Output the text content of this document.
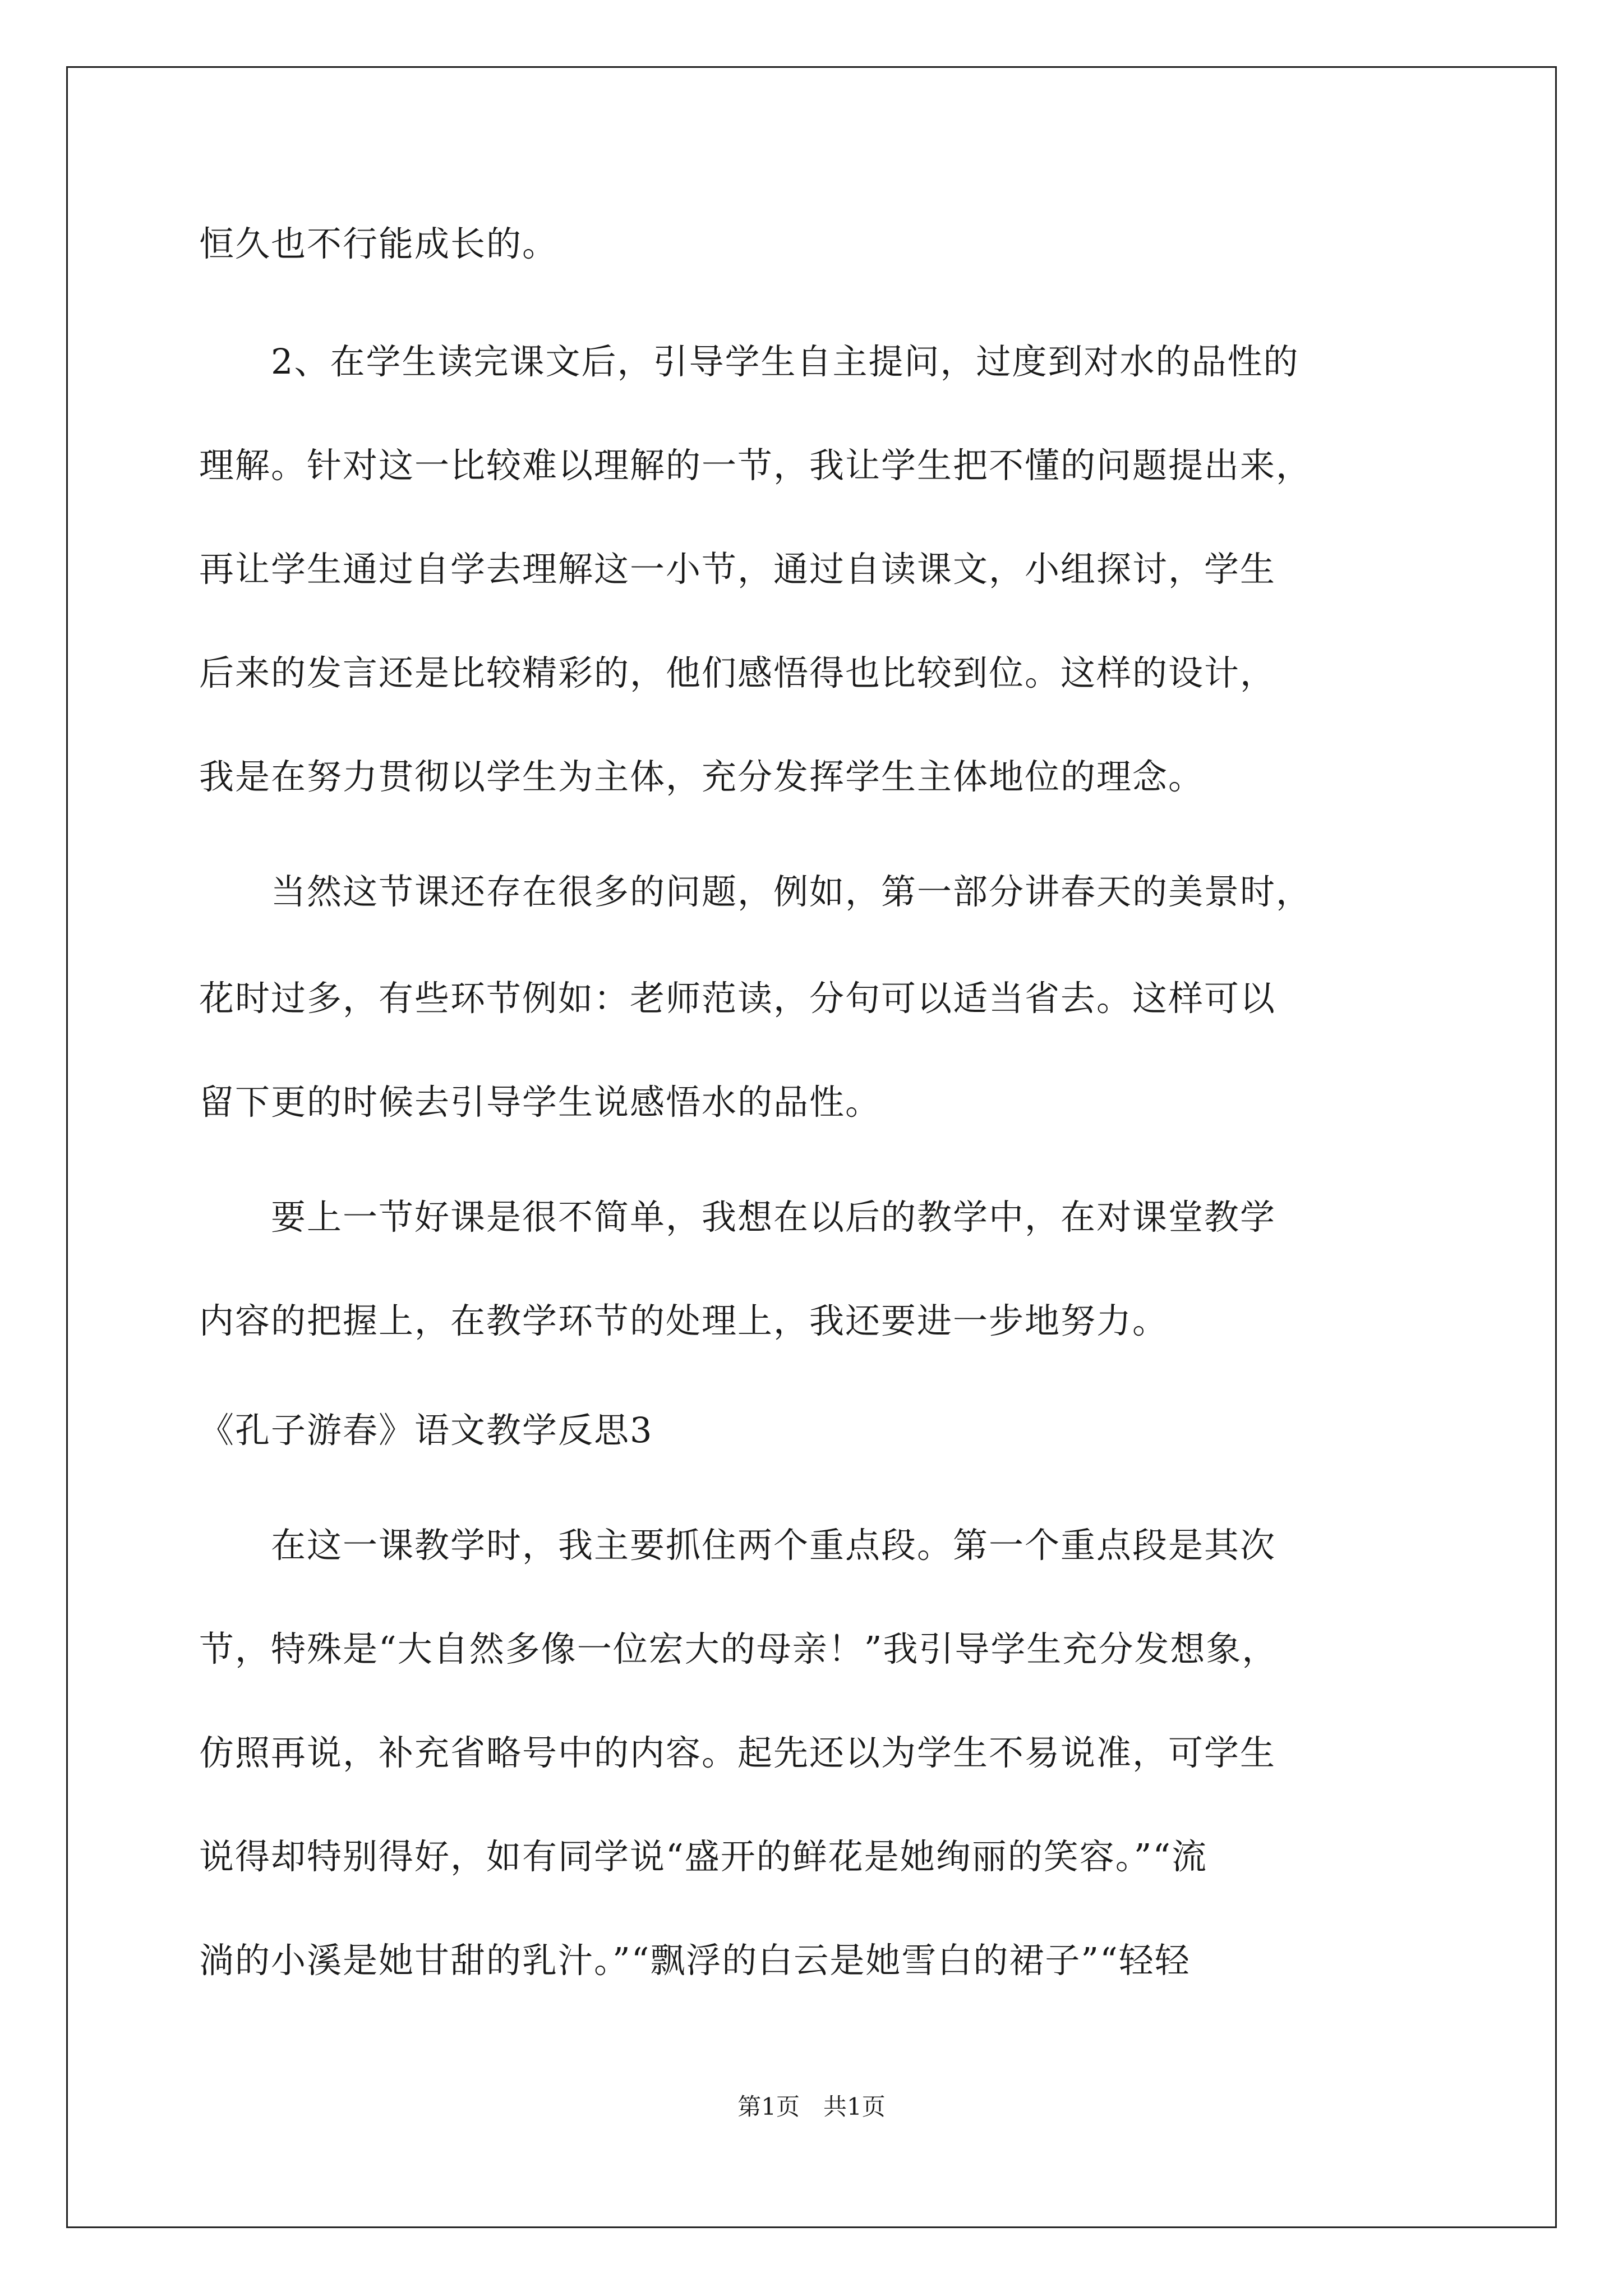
恒久也不行能成长的。
　　2、在学生读完课文后，引导学生自主提问，过度到对水的品性的
理解。针对这一比较难以理解的一节，我让学生把不懂的问题提出来，
再让学生通过自学去理解这一小节，通过自读课文，小组探讨，学生
后来的发言还是比较精彩的，他们感悟得也比较到位。这样的设计，
我是在努力贯彻以学生为主体，充分发挥学生主体地位的理念。
　　当然这节课还存在很多的问题，例如，第一部分讲春天的美景时，
花时过多，有些环节例如：老师范读，分句可以适当省去。这样可以
留下更的时候去引导学生说感悟水的品性。
　　要上一节好课是很不简单，我想在以后的教学中，在对课堂教学
内容的把握上，在教学环节的处理上，我还要进一步地努力。
《孔子游春》语文教学反思3
　　在这一课教学时，我主要抓住两个重点段。第一个重点段是其次
节，特殊是“大自然多像一位宏大的母亲！”我引导学生充分发想象，
仿照再说，补充省略号中的内容。起先还以为学生不易说准，可学生
说得却特别得好，如有同学说“盛开的鲜花是她绚丽的笑容。”“流
淌的小溪是她甘甜的乳汁。”“飘浮的白云是她雪白的裙子”“轻轻
第1页　共1页
